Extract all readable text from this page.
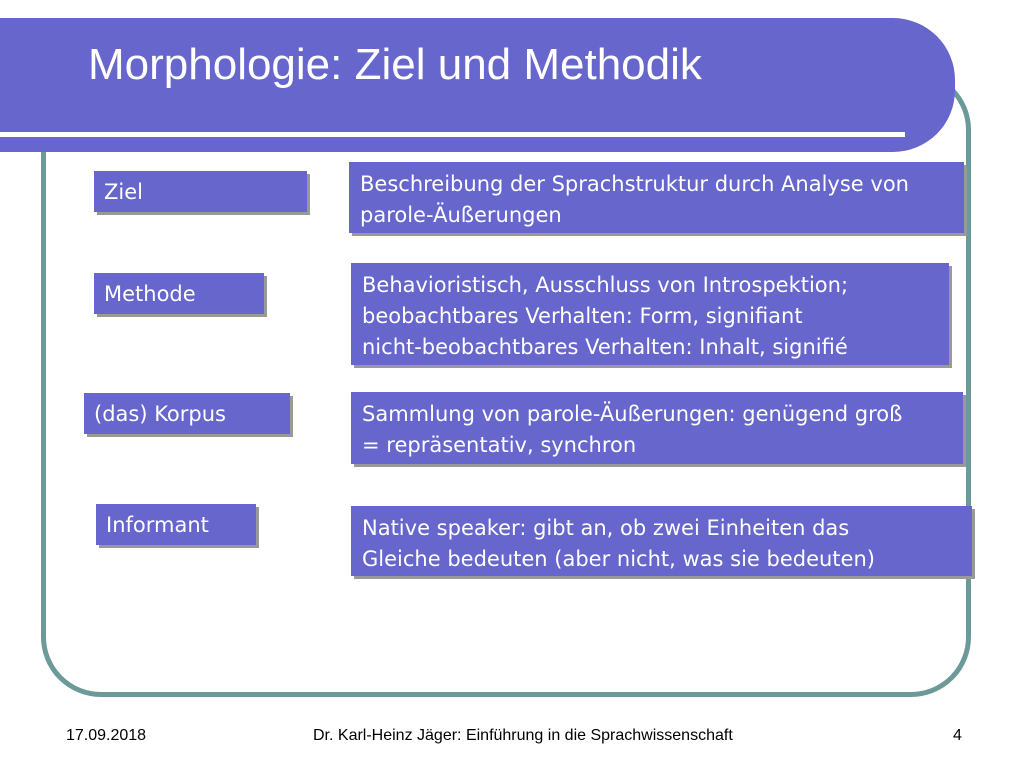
Morphologie: Ziel und Methodik
Ziel	Beschreibung der Sprachstruktur durch Analyse von
parole-Äußerungen
Methode	Behavioristisch, Ausschluss von Introspektion;
beobachtbares Verhalten: Form, signifiant
nicht-beobachtbares Verhalten: Inhalt, signifié
(das) Korpus	Sammlung von parole-Äußerungen: genügend groß
= repräsentativ, synchron
Informant	Native speaker: gibt an, ob zwei Einheiten das
Gleiche bedeuten (aber nicht, was sie bedeuten)
17.09.2018	Dr. Karl-Heinz Jäger: Einführung in die Sprachwissenschaft	4
